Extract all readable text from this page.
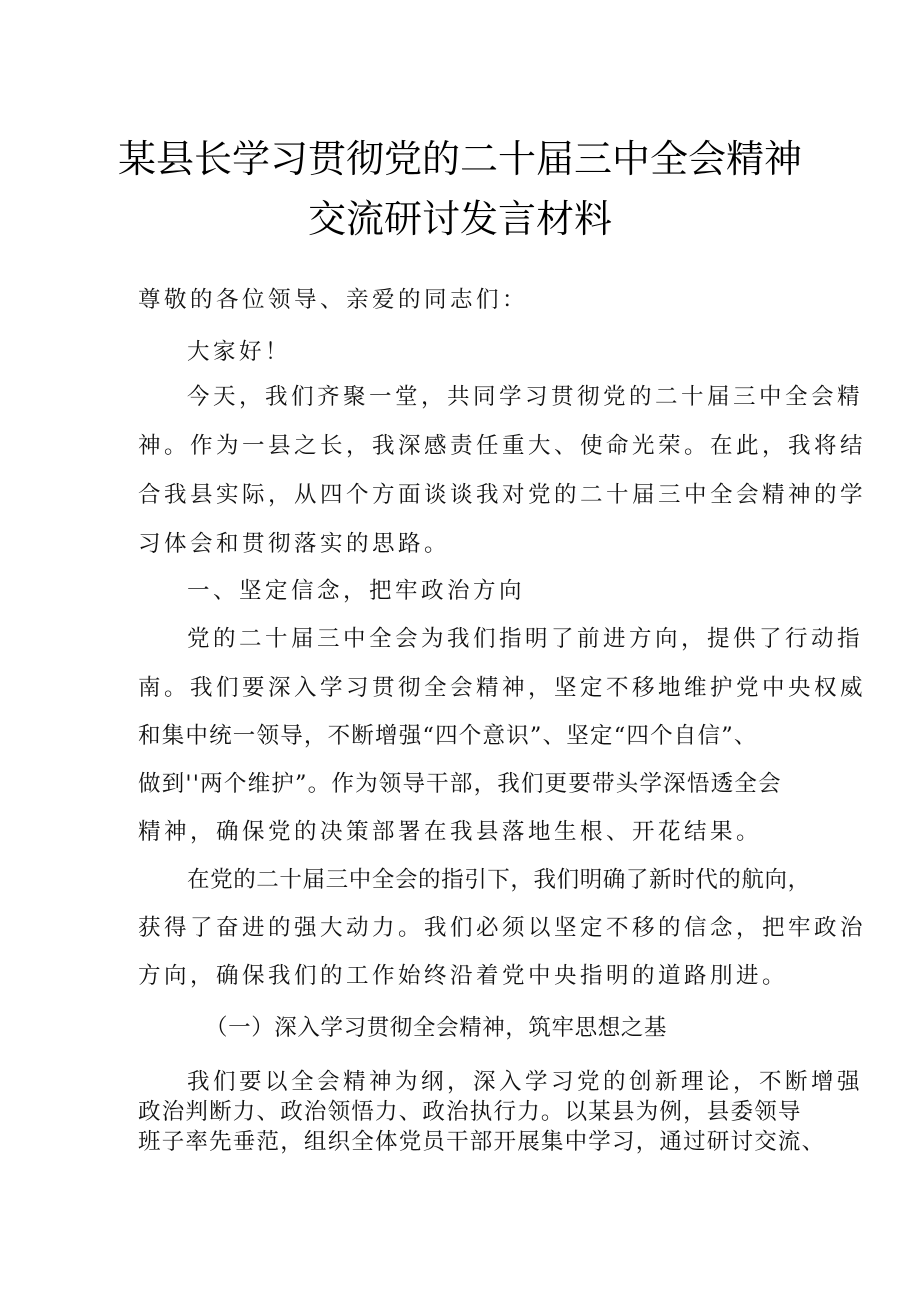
某县长学习贯彻党的二十届三中全会精神
交流研讨发言材料
尊敬的各位领导、亲爱的同志们：
大家好！
今天，我们齐聚一堂，共同学习贯彻党的二十届三中全会精
神。作为一县之长，我深感责任重大、使命光荣。在此，我将结
合我县实际，从四个方面谈谈我对党的二十届三中全会精神的学
习体会和贯彻落实的思路。
一、坚定信念，把牢政治方向
党的二十届三中全会为我们指明了前进方向，提供了行动指
南。我们要深入学习贯彻全会精神，坚定不移地维护党中央权威
和集中统一领导，不断增强“四个意识”、坚定“四个自信”、
做到''两个维护”。作为领导干部，我们更要带头学深悟透全会
精神，确保党的决策部署在我县落地生根、开花结果。
在党的二十届三中全会的指引下，我们明确了新时代的航向，
获得了奋进的强大动力。我们必须以坚定不移的信念，把牢政治
方向，确保我们的工作始终沿着党中央指明的道路刖进。
（一）深入学习贯彻全会精神，筑牢思想之基
我们要以全会精神为纲，深入学习党的创新理论，不断增强
政治判断力、政治领悟力、政治执行力。以某县为例，县委领导
班子率先垂范，组织全体党员干部开展集中学习，通过研讨交流、
